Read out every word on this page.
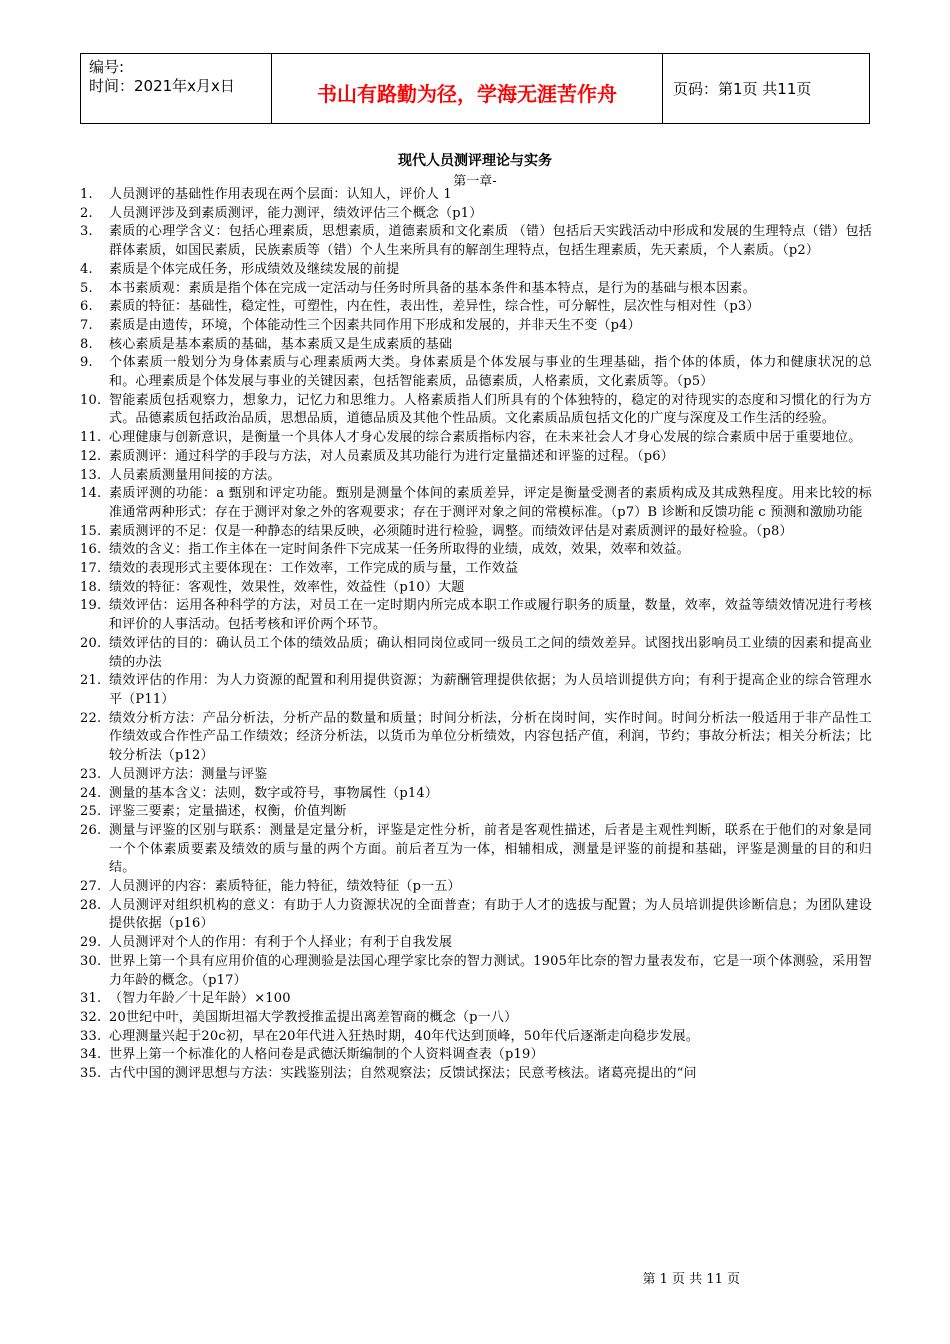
编号:
时间：2021年x月x日	书山有路勤为径，学海无涯苦作舟	页码：第1页 共11页
现代人员测评理论与实务
第一章-
1. 人员测评的基础性作用表现在两个层面：认知人，评价人 1
2. 人员测评涉及到素质测评，能力测评，绩效评估三个概念（p1）
3. 素质的心理学含义：包括心理素质，思想素质，道德素质和文化素质 （错）包括后天实践活动中形成和发展的生理特点（错）包括群体素质，如国民素质，民族素质等（错）个人生来所具有的解剖生理特点，包括生理素质，先天素质，个人素质。（p2）
4. 素质是个体完成任务，形成绩效及继续发展的前提
5. 本书素质观：素质是指个体在完成一定活动与任务时所具备的基本条件和基本特点，是行为的基础与根本因素。
6. 素质的特征：基础性，稳定性，可塑性，内在性，表出性，差异性，综合性，可分解性，层次性与相对性（p3）
7. 素质是由遗传，环境，个体能动性三个因素共同作用下形成和发展的，并非天生不变（p4）
8. 核心素质是基本素质的基础，基本素质又是生成素质的基础
9. 个体素质一般划分为身体素质与心理素质两大类。身体素质是个体发展与事业的生理基础，指个体的体质，体力和健康状况的总和。心理素质是个体发展与事业的关键因素，包括智能素质，品德素质，人格素质，文化素质等。（p5）
10. 智能素质包括观察力，想象力，记忆力和思维力。人格素质指人们所具有的个体独特的，稳定的对待现实的态度和习惯化的行为方式。品德素质包括政治品质，思想品质，道德品质及其他个性品质。文化素质品质包括文化的广度与深度及工作生活的经验。
11. 心理健康与创新意识，是衡量一个具体人才身心发展的综合素质指标内容，在未来社会人才身心发展的综合素质中居于重要地位。
12. 素质测评：通过科学的手段与方法，对人员素质及其功能行为进行定量描述和评鉴的过程。（p6）
13. 人员素质测量用间接的方法。
14. 素质评测的功能：a 甄别和评定功能。甄别是测量个体间的素质差异，评定是衡量受测者的素质构成及其成熟程度。用来比较的标准通常两种形式：存在于测评对象之外的客观要求；存在于测评对象之间的常模标准。（p7）B 诊断和反馈功能 c 预测和激励功能
15. 素质测评的不足：仅是一种静态的结果反映，必须随时进行检验，调整。而绩效评估是对素质测评的最好检验。（p8）
16. 绩效的含义：指工作主体在一定时间条件下完成某一任务所取得的业绩，成效，效果，效率和效益。
17. 绩效的表现形式主要体现在：工作效率，工作完成的质与量，工作效益
18. 绩效的特征：客观性，效果性，效率性，效益性（p10）大题
19. 绩效评估：运用各种科学的方法，对员工在一定时期内所完成本职工作或履行职务的质量，数量，效率，效益等绩效情况进行考核和评价的人事活动。包括考核和评价两个环节。
20. 绩效评估的目的：确认员工个体的绩效品质；确认相同岗位或同一级员工之间的绩效差异。试图找出影响员工业绩的因素和提高业绩的办法
21. 绩效评估的作用：为人力资源的配置和利用提供资源；为薪酬管理提供依据；为人员培训提供方向；有利于提高企业的综合管理水平（P11）
22. 绩效分析方法：产品分析法，分析产品的数量和质量；时间分析法，分析在岗时间，实作时间。时间分析法一般适用于非产品性工作绩效或合作性产品工作绩效；经济分析法，以货币为单位分析绩效，内容包括产值，利润，节约；事故分析法；相关分析法；比较分析法（p12）
23. 人员测评方法：测量与评鉴
24. 测量的基本含义：法则，数字或符号，事物属性（p14）
25. 评鉴三要素；定量描述，权衡，价值判断
26. 测量与评鉴的区别与联系：测量是定量分析，评鉴是定性分析，前者是客观性描述，后者是主观性判断，联系在于他们的对象是同一个个体素质要素及绩效的质与量的两个方面。前后者互为一体，相辅相成，测量是评鉴的前提和基础，评鉴是测量的目的和归结。
27. 人员测评的内容：素质特征，能力特征，绩效特征（p一五）
28. 人员测评对组织机构的意义：有助于人力资源状况的全面普查；有助于人才的选拔与配置；为人员培训提供诊断信息；为团队建设提供依据（p16）
29. 人员测评对个人的作用：有利于个人择业；有利于自我发展
30. 世界上第一个具有应用价值的心理测验是法国心理学家比奈的智力测试。1905年比奈的智力量表发布，它是一项个体测验，采用智力年龄的概念。（p17）
31. （智力年龄／十足年龄）×100
32. 20世纪中叶，美国斯坦福大学教授推孟提出离差智商的概念（p一八）
33. 心理测量兴起于20c初，早在20年代进入狂热时期，40年代达到顶峰，50年代后逐渐走向稳步发展。
34. 世界上第一个标准化的人格问卷是武德沃斯编制的个人资料调查表（p19）
35. 古代中国的测评思想与方法：实践鉴别法；自然观察法；反馈试探法；民意考核法。诸葛亮提出的“问
第 1 页 共 11 页
